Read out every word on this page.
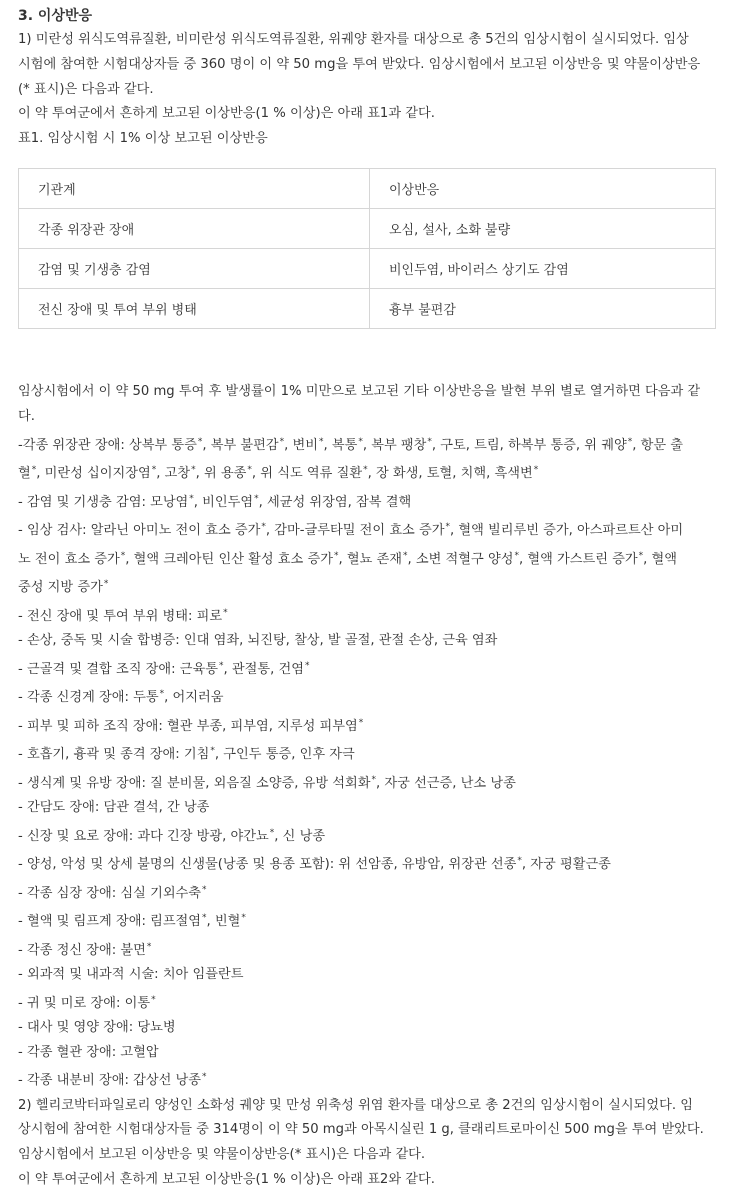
3. 이상반응

1) 미란성 위식도역류질환, 비미란성 위식도역류질환, 위궤양 환자를 대상으로 총 5건의 임상시험이 실시되었다. 임상

시험에 참여한 시험대상자들 중 360 명이 이 약 50 mg을 투여 받았다. 임상시험에서 보고된 이상반응 및 약물이상반응

(* 표시)은 다음과 같다.

이 약 투여군에서 흔하게 보고된 이상반응(1 % 이상)은 아래 표1과 같다.

표1. 임상시험 시 1% 이상 보고된 이상반응

기관계	이상반응
각종 위장관 장애	오심, 설사, 소화 불량
감염 및 기생충 감염	비인두염, 바이러스 상기도 감염
전신 장애 및 투여 부위 병태	흉부 불편감

임상시험에서 이 약 50 mg 투여 후 발생률이 1% 미만으로 보고된 기타 이상반응을 발현 부위 별로 열거하면 다음과 같

다.

-각종 위장관 장애: 상복부 통증*, 복부 불편감*, 변비*, 복통*, 복부 팽창*, 구토, 트림, 하복부 통증, 위 궤양*, 항문 출

혈*, 미란성 십이지장염*, 고창*, 위 용종*, 위 식도 역류 질환*, 장 화생, 토혈, 치핵, 흑색변*

- 감염 및 기생충 감염: 모낭염*, 비인두염*, 세균성 위장염, 잠복 결핵

- 임상 검사: 알라닌 아미노 전이 효소 증가*, 감마-글루타밀 전이 효소 증가*, 혈액 빌리루빈 증가, 아스파르트산 아미

노 전이 효소 증가*, 혈액 크레아틴 인산 활성 효소 증가*, 혈뇨 존재*, 소변 적혈구 양성*, 혈액 가스트린 증가*, 혈액

중성 지방 증가*

- 전신 장애 및 투여 부위 병태: 피로*

- 손상, 중독 및 시술 합병증: 인대 염좌, 뇌진탕, 찰상, 발 골절, 관절 손상, 근육 염좌

- 근골격 및 결합 조직 장애: 근육통*, 관절통, 건염*

- 각종 신경계 장애: 두통*, 어지러움

- 피부 및 피하 조직 장애: 혈관 부종, 피부염, 지루성 피부염*

- 호흡기, 흉곽 및 종격 장애: 기침*, 구인두 통증, 인후 자극

- 생식계 및 유방 장애: 질 분비물, 외음질 소양증, 유방 석회화*, 자궁 선근증, 난소 낭종

- 간담도 장애: 담관 결석, 간 낭종

- 신장 및 요로 장애: 과다 긴장 방광, 야간뇨*, 신 낭종

- 양성, 악성 및 상세 불명의 신생물(낭종 및 용종 포함): 위 선암종, 유방암, 위장관 선종*, 자궁 평활근종

- 각종 심장 장애: 심실 기외수축*

- 혈액 및 림프계 장애: 림프절염*, 빈혈*

- 각종 정신 장애: 불면*

- 외과적 및 내과적 시술: 치아 임플란트

- 귀 및 미로 장애: 이통*

- 대사 및 영양 장애: 당뇨병

- 각종 혈관 장애: 고혈압

- 각종 내분비 장애: 갑상선 낭종*

2) 헬리코박터파일로리 양성인 소화성 궤양 및 만성 위축성 위염 환자를 대상으로 총 2건의 임상시험이 실시되었다. 임

상시험에 참여한 시험대상자들 중 314명이 이 약 50 mg과 아목시실린 1 g, 클래리트로마이신 500 mg을 투여 받았다.

임상시험에서 보고된 이상반응 및 약물이상반응(* 표시)은 다음과 같다.

이 약 투여군에서 흔하게 보고된 이상반응(1 % 이상)은 아래 표2와 같다.
